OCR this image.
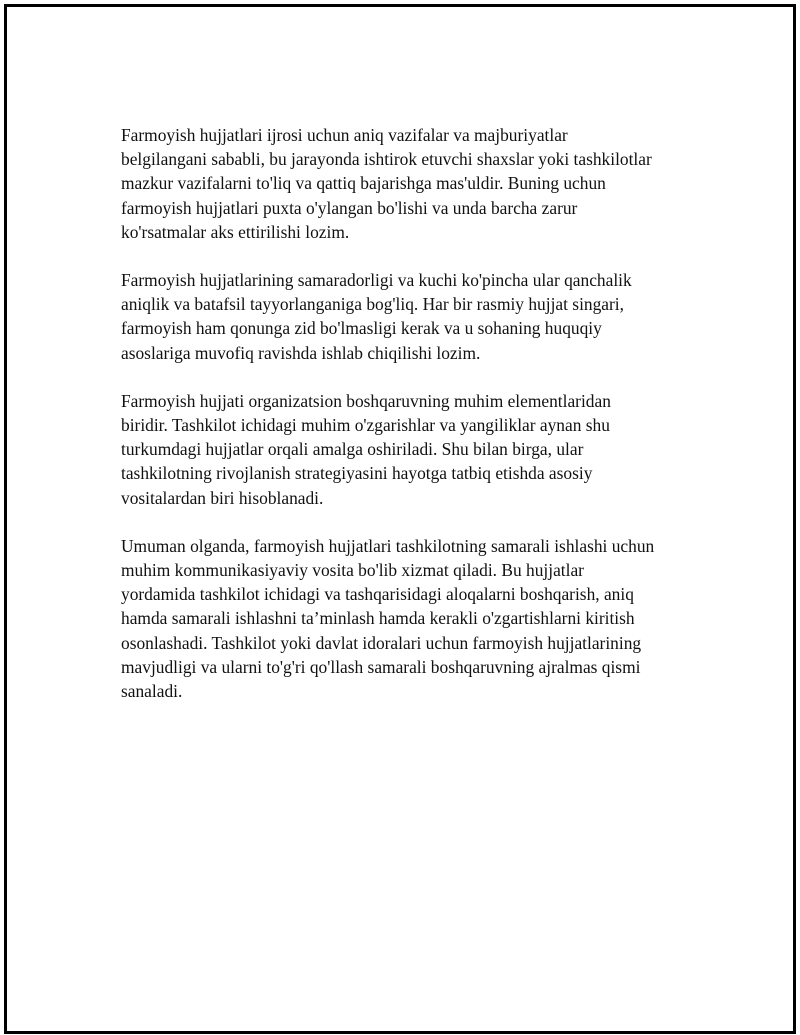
Farmoyish hujjatlari ijrosi uchun aniq vazifalar va majburiyatlar
belgilangani sababli, bu jarayonda ishtirok etuvchi shaxslar yoki tashkilotlar
mazkur vazifalarni to'liq va qattiq bajarishga mas'uldir. Buning uchun
farmoyish hujjatlari puxta o'ylangan bo'lishi va unda barcha zarur
ko'rsatmalar aks ettirilishi lozim.

Farmoyish hujjatlarining samaradorligi va kuchi ko'pincha ular qanchalik
aniqlik va batafsil tayyorlanganiga bog'liq. Har bir rasmiy hujjat singari,
farmoyish ham qonunga zid bo'lmasligi kerak va u sohaning huquqiy
asoslariga muvofiq ravishda ishlab chiqilishi lozim.

Farmoyish hujjati organizatsion boshqaruvning muhim elementlaridan
biridir. Tashkilot ichidagi muhim o'zgarishlar va yangiliklar aynan shu
turkumdagi hujjatlar orqali amalga oshiriladi. Shu bilan birga, ular
tashkilotning rivojlanish strategiyasini hayotga tatbiq etishda asosiy
vositalardan biri hisoblanadi.

Umuman olganda, farmoyish hujjatlari tashkilotning samarali ishlashi uchun
muhim kommunikasiyaviy vosita bo'lib xizmat qiladi. Bu hujjatlar
yordamida tashkilot ichidagi va tashqarisidagi aloqalarni boshqarish, aniq
hamda samarali ishlashni ta’minlash hamda kerakli o'zgartishlarni kiritish
osonlashadi. Tashkilot yoki davlat idoralari uchun farmoyish hujjatlarining
mavjudligi va ularni to'g'ri qo'llash samarali boshqaruvning ajralmas qismi
sanaladi.
